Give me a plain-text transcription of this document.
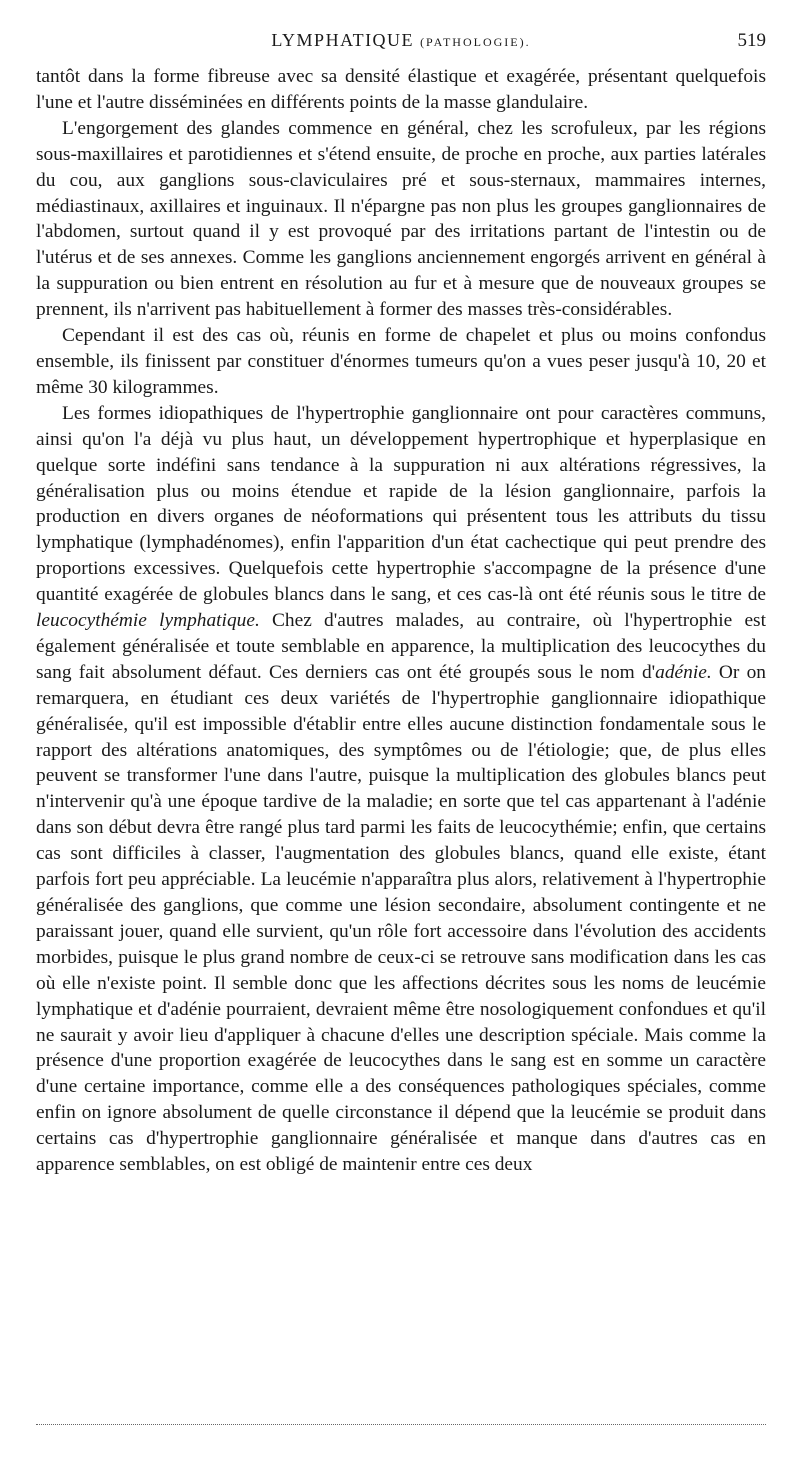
LYMPHATIQUE (PATHOLOGIE).	519

tantôt dans la forme fibreuse avec sa densité élastique et exagérée, présentant quelquefois l'une et l'autre disséminées en différents points de la masse glandulaire.

L'engorgement des glandes commence en général, chez les scrofuleux, par les régions sous-maxillaires et parotidiennes et s'étend ensuite, de proche en proche, aux parties latérales du cou, aux ganglions sous-claviculaires pré et sous-sternaux, mammaires internes, médiastinaux, axillaires et inguinaux. Il n'épargne pas non plus les groupes ganglionnaires de l'abdomen, surtout quand il y est provoqué par des irritations partant de l'intestin ou de l'utérus et de ses annexes. Comme les ganglions anciennement engorgés arrivent en général à la suppuration ou bien entrent en résolution au fur et à mesure que de nouveaux groupes se prennent, ils n'arrivent pas habituellement à former des masses très-considérables.

Cependant il est des cas où, réunis en forme de chapelet et plus ou moins confondus ensemble, ils finissent par constituer d'énormes tumeurs qu'on a vues peser jusqu'à 10, 20 et même 30 kilogrammes.

Les formes idiopathiques de l'hypertrophie ganglionnaire ont pour caractères communs, ainsi qu'on l'a déjà vu plus haut, un développement hypertrophique et hyperplasique en quelque sorte indéfini sans tendance à la suppuration ni aux altérations régressives, la généralisation plus ou moins étendue et rapide de la lésion ganglionnaire, parfois la production en divers organes de néoformations qui présentent tous les attributs du tissu lymphatique (lymphadénomes), enfin l'apparition d'un état cachectique qui peut prendre des proportions excessives. Quelquefois cette hypertrophie s'accompagne de la présence d'une quantité exagérée de globules blancs dans le sang, et ces cas-là ont été réunis sous le titre de leucocythémie lymphatique. Chez d'autres malades, au contraire, où l'hypertrophie est également généralisée et toute semblable en apparence, la multiplication des leucocythes du sang fait absolument défaut. Ces derniers cas ont été groupés sous le nom d'adénie. Or on remarquera, en étudiant ces deux variétés de l'hypertrophie ganglionnaire idiopathique généralisée, qu'il est impossible d'établir entre elles aucune distinction fondamentale sous le rapport des altérations anatomiques, des symptômes ou de l'étiologie; que, de plus elles peuvent se transformer l'une dans l'autre, puisque la multiplication des globules blancs peut n'intervenir qu'à une époque tardive de la maladie; en sorte que tel cas appartenant à l'adénie dans son début devra être rangé plus tard parmi les faits de leucocythémie; enfin, que certains cas sont difficiles à classer, l'augmentation des globules blancs, quand elle existe, étant parfois fort peu appréciable. La leucémie n'apparaîtra plus alors, relativement à l'hypertrophie généralisée des ganglions, que comme une lésion secondaire, absolument contingente et ne paraissant jouer, quand elle survient, qu'un rôle fort accessoire dans l'évolution des accidents morbides, puisque le plus grand nombre de ceux-ci se retrouve sans modification dans les cas où elle n'existe point. Il semble donc que les affections décrites sous les noms de leucémie lymphatique et d'adénie pourraient, devraient même être nosologiquement confondues et qu'il ne saurait y avoir lieu d'appliquer à chacune d'elles une description spéciale. Mais comme la présence d'une proportion exagérée de leucocythes dans le sang est en somme un caractère d'une certaine importance, comme elle a des conséquences pathologiques spéciales, comme enfin on ignore absolument de quelle circonstance il dépend que la leucémie se produit dans certains cas d'hypertrophie ganglionnaire généralisée et manque dans d'autres cas en apparence semblables, on est obligé de maintenir entre ces deux
